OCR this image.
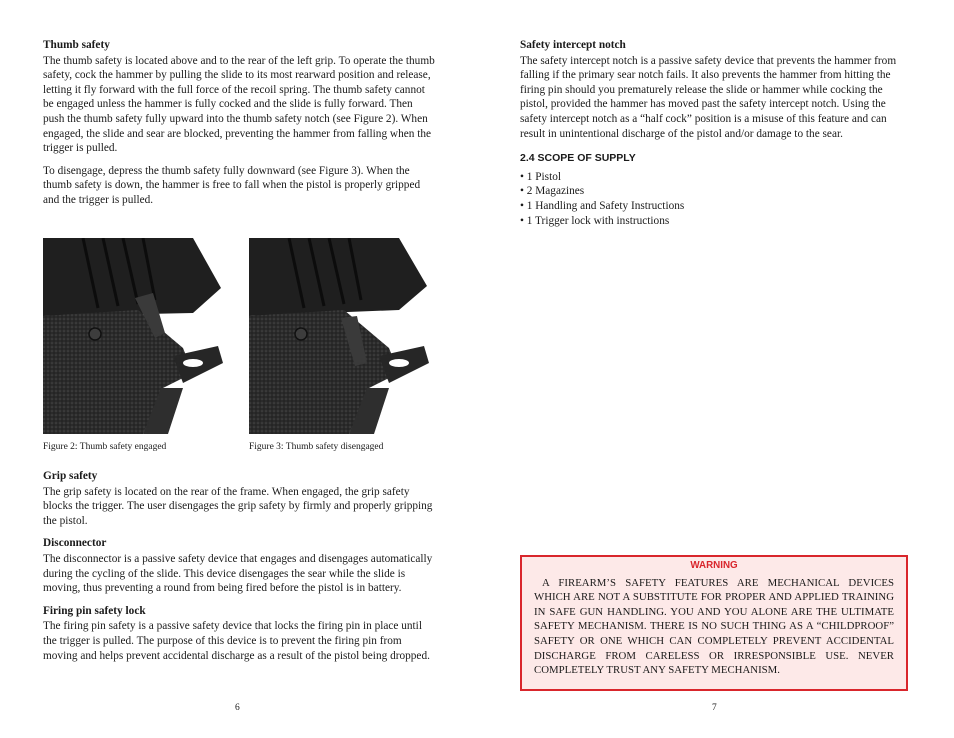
Thumb safety

The thumb safety is located above and to the rear of the left grip. To operate the thumb safety, cock the hammer by pulling the slide to its most rearward position and release, letting it fly forward with the full force of the recoil spring. The thumb safety cannot be engaged unless the hammer is fully cocked and the slide is fully forward. Then push the thumb safety fully upward into the thumb safety notch (see Figure 2). When engaged, the slide and sear are blocked, preventing the hammer from falling when the trigger is pulled.

To disengage, depress the thumb safety fully downward (see Figure 3). When the thumb safety is down, the hammer is free to fall when the pistol is properly gripped and the trigger is pulled.

Figure 2: Thumb safety engaged	Figure 3: Thumb safety disengaged
Grip safety

The grip safety is located on the rear of the frame. When engaged, the grip safety blocks the trigger. The user disengages the grip safety by firmly and properly gripping the pistol.

Disconnector

The disconnector is a passive safety device that engages and disengages automatically during the cycling of the slide. This device disengages the sear while the slide is moving, thus preventing a round from being fired before the pistol is in battery.

Firing pin safety lock

The firing pin safety is a passive safety device that locks the firing pin in place until the trigger is pulled. The purpose of this device is to prevent the firing pin from moving and helps prevent accidental discharge as a result of the pistol being dropped.

6
Safety intercept notch

The safety intercept notch is a passive safety device that prevents the hammer from falling if the primary sear notch fails. It also prevents the hammer from hitting the firing pin should you prematurely release the slide or hammer while cocking the pistol, provided the hammer has moved past the safety intercept notch. Using the safety intercept notch as a “half cock” position is a misuse of this feature and can result in unintentional discharge of the pistol and/or damage to the sear.

2.4 SCOPE OF SUPPLY
• 1 Pistol
• 2 Magazines
• 1 Handling and Safety Instructions
• 1 Trigger lock with instructions
WARNING
A FIREARM’S SAFETY FEATURES ARE MECHANICAL DEVICES WHICH ARE NOT A SUBSTITUTE FOR PROPER AND APPLIED TRAINING IN SAFE GUN HANDLING. YOU AND YOU ALONE ARE THE ULTIMATE SAFETY MECHANISM. THERE IS NO SUCH THING AS A “CHILDPROOF” SAFETY OR ONE WHICH CAN COMPLETELY PREVENT ACCIDENTAL DISCHARGE FROM CARELESS OR IRRESPONSIBLE USE. NEVER COMPLETELY TRUST ANY SAFETY MECHANISM.
7
